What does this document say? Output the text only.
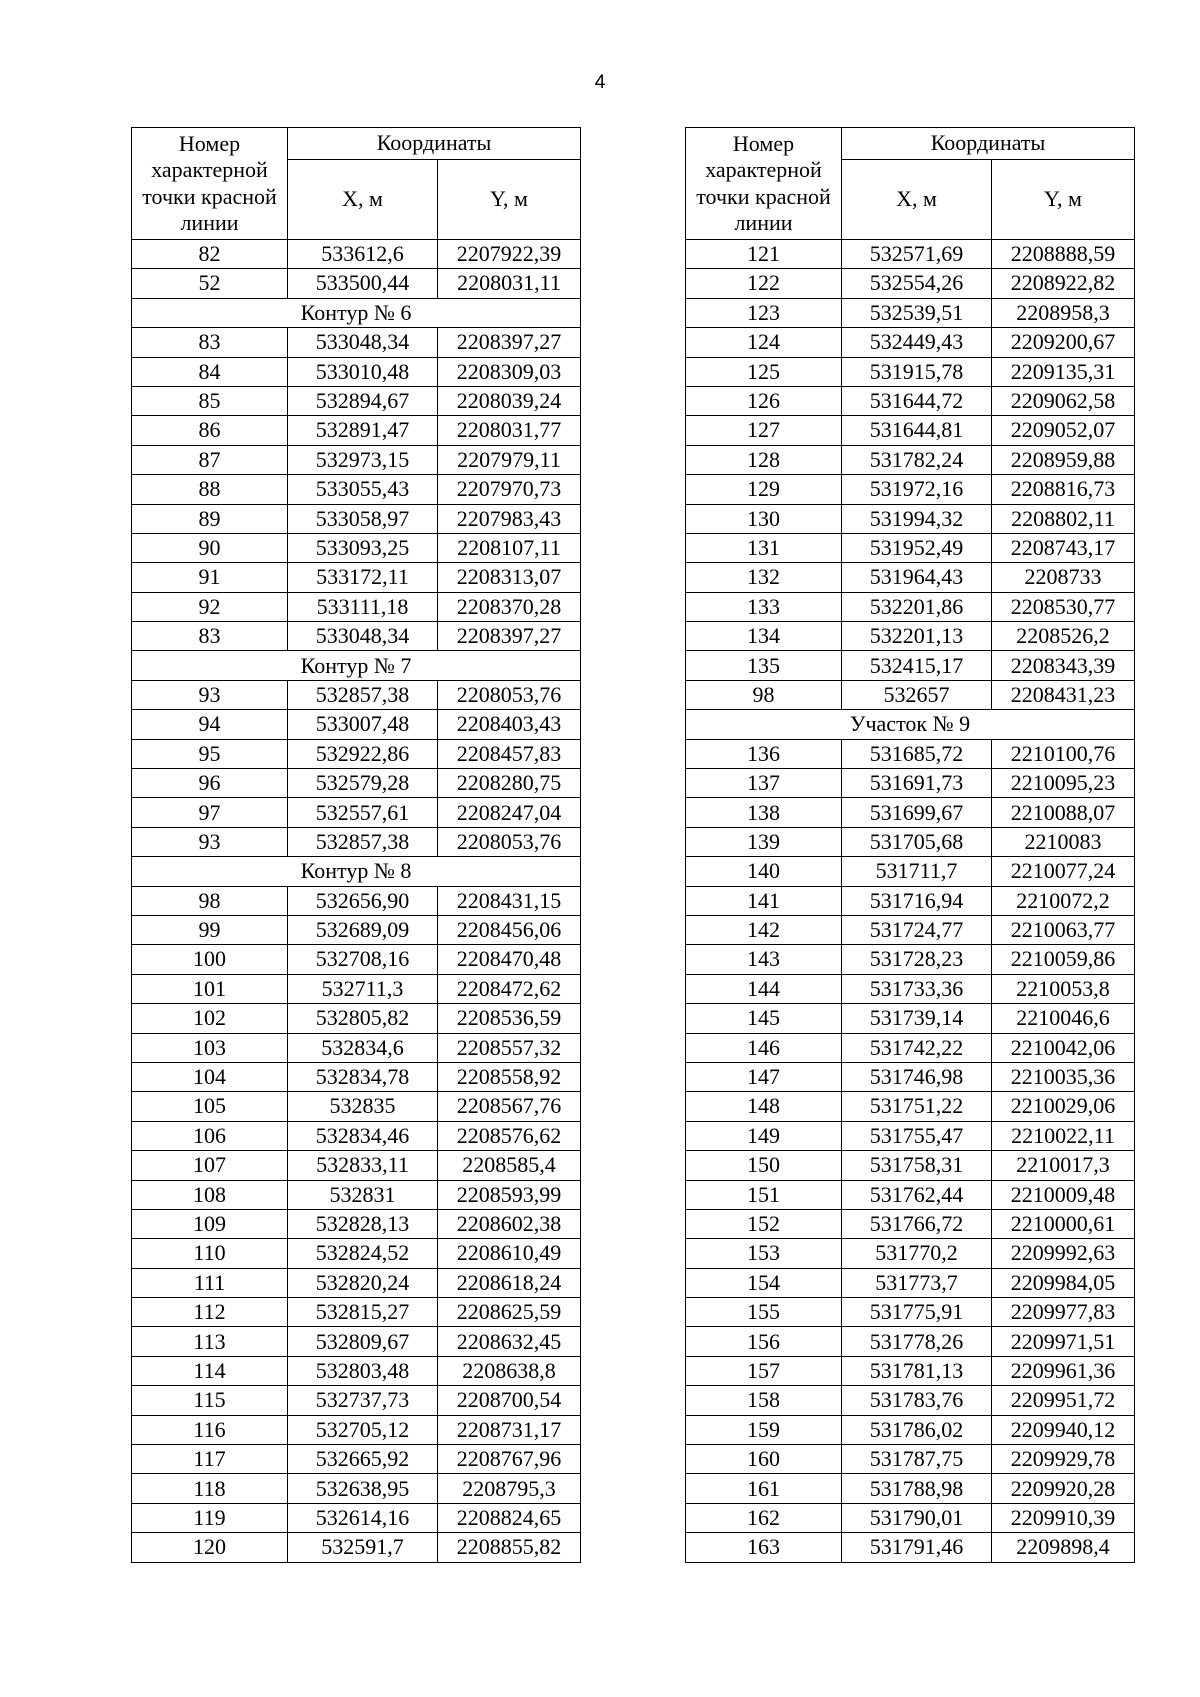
4
Номер характерной точки красной линии	Координаты	
	X, м	Y, м
82	533612,6	2207922,39
52	533500,44	2208031,11
Контур № 6		
83	533048,34	2208397,27
84	533010,48	2208309,03
85	532894,67	2208039,24
86	532891,47	2208031,77
87	532973,15	2207979,11
88	533055,43	2207970,73
89	533058,97	2207983,43
90	533093,25	2208107,11
91	533172,11	2208313,07
92	533111,18	2208370,28
83	533048,34	2208397,27
Контур № 7		
93	532857,38	2208053,76
94	533007,48	2208403,43
95	532922,86	2208457,83
96	532579,28	2208280,75
97	532557,61	2208247,04
93	532857,38	2208053,76
Контур № 8		
98	532656,90	2208431,15
99	532689,09	2208456,06
100	532708,16	2208470,48
101	532711,3	2208472,62
102	532805,82	2208536,59
103	532834,6	2208557,32
104	532834,78	2208558,92
105	532835	2208567,76
106	532834,46	2208576,62
107	532833,11	2208585,4
108	532831	2208593,99
109	532828,13	2208602,38
110	532824,52	2208610,49
111	532820,24	2208618,24
112	532815,27	2208625,59
113	532809,67	2208632,45
114	532803,48	2208638,8
115	532737,73	2208700,54
116	532705,12	2208731,17
117	532665,92	2208767,96
118	532638,95	2208795,3
119	532614,16	2208824,65
120	532591,7	2208855,82
Номер характерной точки красной линии	Координаты	
	X, м	Y, м
121	532571,69	2208888,59
122	532554,26	2208922,82
123	532539,51	2208958,3
124	532449,43	2209200,67
125	531915,78	2209135,31
126	531644,72	2209062,58
127	531644,81	2209052,07
128	531782,24	2208959,88
129	531972,16	2208816,73
130	531994,32	2208802,11
131	531952,49	2208743,17
132	531964,43	2208733
133	532201,86	2208530,77
134	532201,13	2208526,2
135	532415,17	2208343,39
98	532657	2208431,23
Участок № 9		
136	531685,72	2210100,76
137	531691,73	2210095,23
138	531699,67	2210088,07
139	531705,68	2210083
140	531711,7	2210077,24
141	531716,94	2210072,2
142	531724,77	2210063,77
143	531728,23	2210059,86
144	531733,36	2210053,8
145	531739,14	2210046,6
146	531742,22	2210042,06
147	531746,98	2210035,36
148	531751,22	2210029,06
149	531755,47	2210022,11
150	531758,31	2210017,3
151	531762,44	2210009,48
152	531766,72	2210000,61
153	531770,2	2209992,63
154	531773,7	2209984,05
155	531775,91	2209977,83
156	531778,26	2209971,51
157	531781,13	2209961,36
158	531783,76	2209951,72
159	531786,02	2209940,12
160	531787,75	2209929,78
161	531788,98	2209920,28
162	531790,01	2209910,39
163	531791,46	2209898,4
